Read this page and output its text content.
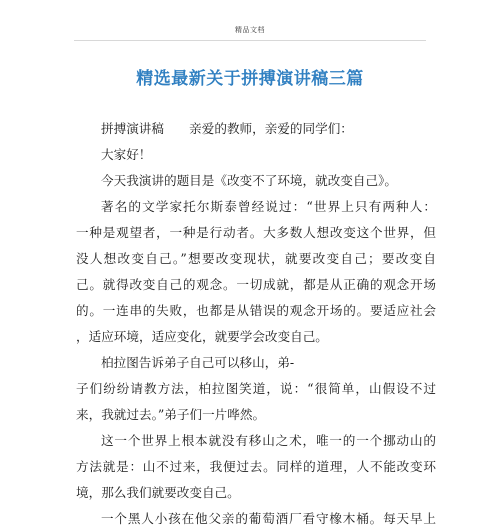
精品文档
精选最新关于拼搏演讲稿三篇
拼搏演讲稿　　亲爱的教师，亲爱的同学们：
大家好！
今天我演讲的题目是《改变不了环境，就改变自己》。
著名的文学家托尔斯泰曾经说过：“世界上只有两种人：
一种是观望者，一种是行动者。大多数人想改变这个世界，但
没人想改变自己。”想要改变现状，就要改变自己；要改变自
己。就得改变自己的观念。一切成就，都是从正确的观念开场
的。一连串的失败，也都是从错误的观念开场的。要适应社会
，适应环境，适应变化，就要学会改变自己。
柏拉图告诉弟子自己可以移山，弟-
子们纷纷请教方法，柏拉图笑道，说：“很简单，山假设不过
来，我就过去。”弟子们一片哗然。
这一个世界上根本就没有移山之术，唯一的一个挪动山的
方法就是：山不过来，我便过去。同样的道理，人不能改变环
境，那么我们就要改变自己。
一个黑人小孩在他父亲的葡萄酒厂看守橡木桶。每天早上
